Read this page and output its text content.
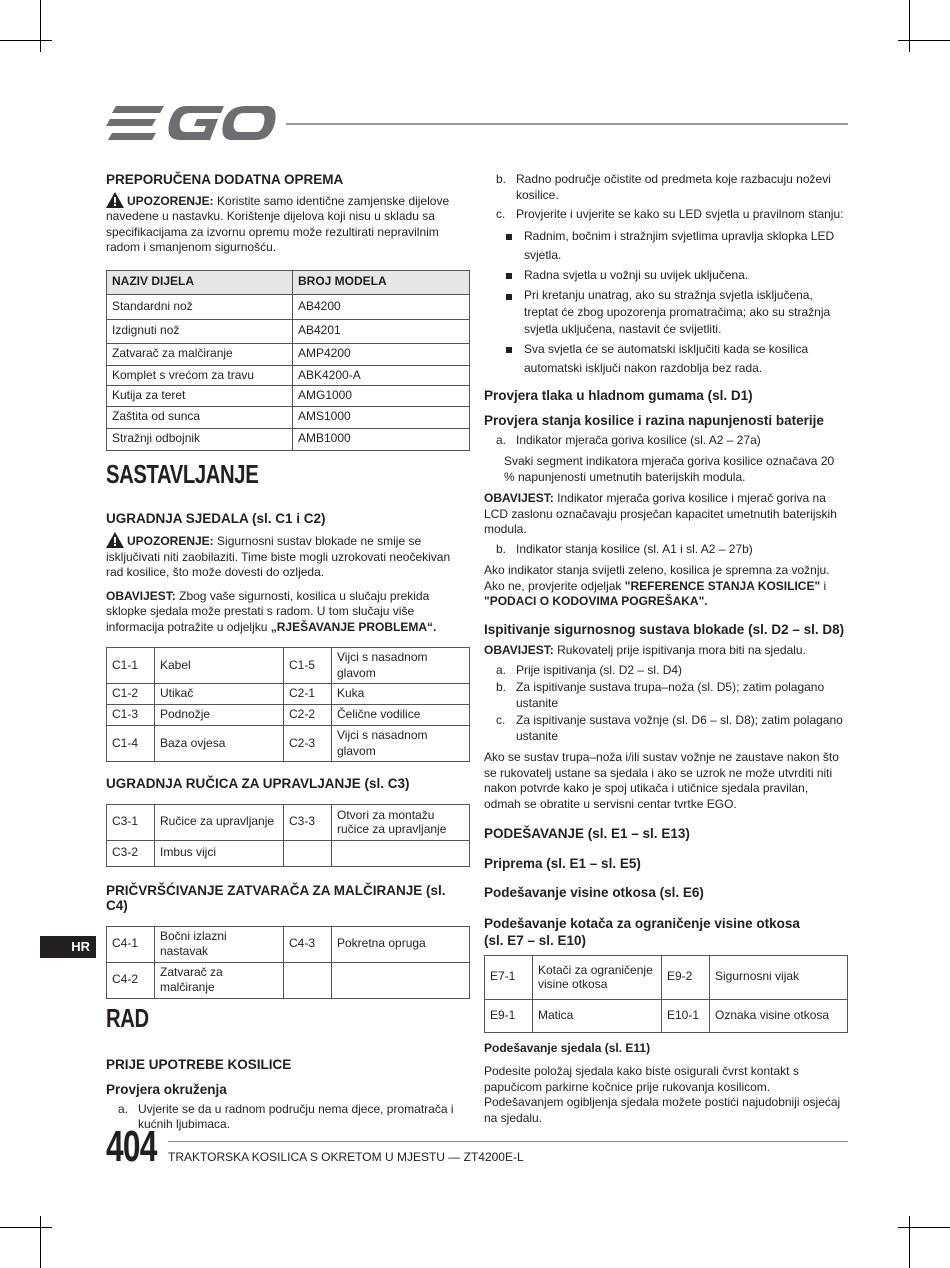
PREPORUČENA DODATNA OPREMA

UPOZORENJE: Koristite samo identične zamjenske dijelove navedene u nastavku. Korištenje dijelova koji nisu u skladu sa specifikacijama za izvornu opremu može rezultirati nepravilnim radom i smanjenom sigurnošću.

NAZIV DIJELA	BROJ MODELA
Standardni nož	AB4200
Izdignuti nož	AB4201
Zatvarač za malčiranje	AMP4200
Komplet s vrećom za travu	ABK4200-A
Kutija za teret	AMG1000
Zaštita od sunca	AMS1000
Stražnji odbojnik	AMB1000
SASTAVLJANJE

UGRADNJA SJEDALA (sl. C1 i C2)

UPOZORENJE: Sigurnosni sustav blokade ne smije se isključivati niti zaobilaziti. Time biste mogli uzrokovati neočekivan rad kosilice, što može dovesti do ozljeda.

OBAVIJEST: Zbog vaše sigurnosti, kosilica u slučaju prekida sklopke sjedala može prestati s radom. U tom slučaju više informacija potražite u odjeljku „RJEŠAVANJE PROBLEMA“.

C1-1	Kabel	C1-5	Vijci s nasadnom glavom
C1-2	Utikač	C2-1	Kuka
C1-3	Podnožje	C2-2	Čelične vodilice
C1-4	Baza ovjesa	C2-3	Vijci s nasadnom glavom

UGRADNJA RUČICA ZA UPRAVLJANJE (sl. C3)

C3-1	Ručice za upravljanje	C3-3	Otvori za montažu ručice za upravljanje
C3-2	Imbus vijci		

PRIČVRŠĆIVANJE ZATVARAČA ZA MALČIRANJE (sl. C4)

C4-1	Bočni izlazni nastavak	C4-3	Pokretna opruga
C4-2	Zatvarač za malčiranje		
RAD

PRIJE UPOTREBE KOSILICE

Provjera okruženja

a. Uvjerite se da u radnom području nema djece, promatrača i kućnih ljubimaca.
b. Radno područje očistite od predmeta koje razbacuju noževi kosilice.
c. Provjerite i uvjerite se kako su LED svjetla u pravilnom stanju:
Radnim, bočnim i stražnjim svjetlima upravlja sklopka LED svjetla.
Radna svjetla u vožnji su uvijek uključena.
Pri kretanju unatrag, ako su stražnja svjetla isključena, treptat će zbog upozorenja promatračima; ako su stražnja svjetla uključena, nastavit će svijetliti.
Sva svjetla će se automatski isključiti kada se kosilica automatski isključi nakon razdoblja bez rada.

Provjera tlaka u hladnom gumama (sl. D1)

Provjera stanja kosilice i razina napunjenosti baterije

a. Indikator mjerača goriva kosilice (sl. A2 – 27a)

Svaki segment indikatora mjerača goriva kosilice označava 20 % napunjenosti umetnutih baterijskih modula.

OBAVIJEST: Indikator mjerača goriva kosilice i mjerač goriva na LCD zaslonu označavaju prosječan kapacitet umetnutih baterijskih modula.

b. Indikator stanja kosilice (sl. A1 i sl. A2 – 27b)

Ako indikator stanja svijetli zeleno, kosilica je spremna za vožnju. Ako ne, provjerite odjeljak "REFERENCE STANJA KOSILICE" i "PODACI O KODOVIMA POGREŠAKA".

Ispitivanje sigurnosnog sustava blokade (sl. D2 – sl. D8)

OBAVIJEST: Rukovatelj prije ispitivanja mora biti na sjedalu.

a. Prije ispitivanja (sl. D2 – sl. D4)
b. Za ispitivanje sustava trupa–noža (sl. D5); zatim polagano ustanite
c. Za ispitivanje sustava vožnje (sl. D6 – sl. D8); zatim polagano ustanite

Ako se sustav trupa–noža i/ili sustav vožnje ne zaustave nakon što se rukovatelj ustane sa sjedala i ako se uzrok ne može utvrditi niti nakon potvrde kako je spoj utikača i utičnice sjedala pravilan, odmah se obratite u servisni centar tvrtke EGO.

PODEŠAVANJE (sl. E1 – sl. E13)

Priprema (sl. E1 – sl. E5)

Podešavanje visine otkosa (sl. E6)

Podešavanje kotača za ograničenje visine otkosa
(sl. E7 – sl. E10)

E7-1	Kotači za ograničenje visine otkosa	E9-2	Sigurnosni vijak
E9-1	Matica	E10-1	Oznaka visine otkosa

Podešavanje sjedala (sl. E11)

Podesite položaj sjedala kako biste osigurali čvrst kontakt s papučicom parkirne kočnice prije rukovanja kosilicom. Podešavanjem ogibljenja sjedala možete postići najudobniji osjećaj na sjedalu.

HR
404 TRAKTORSKA KOSILICA S OKRETOM U MJESTU — ZT4200E-L
